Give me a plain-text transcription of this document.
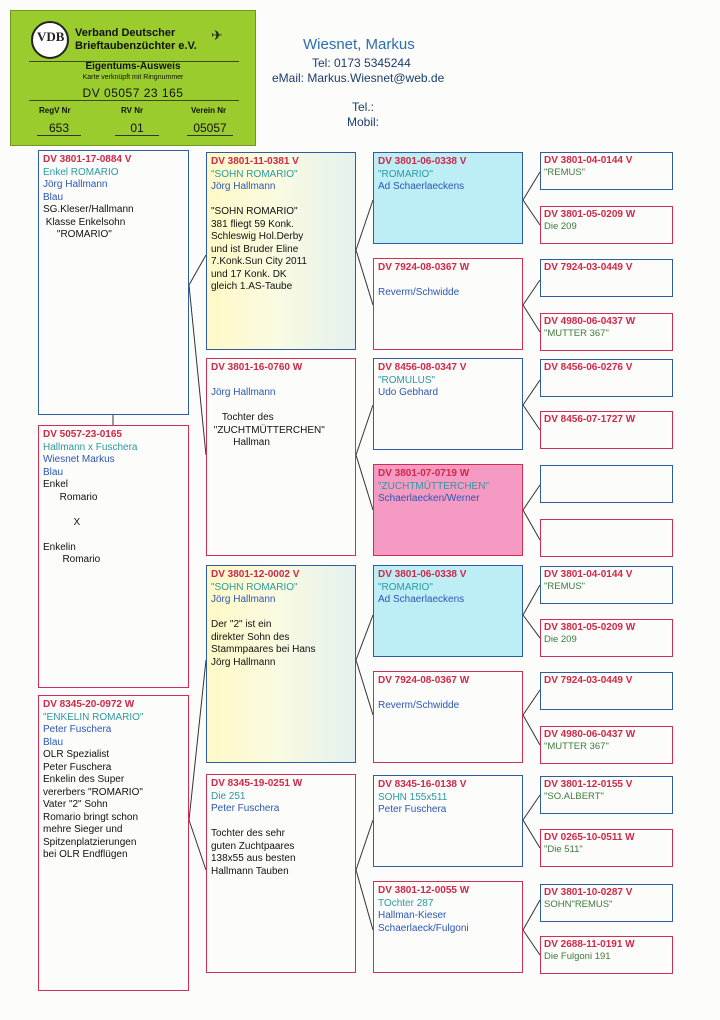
VDB Verband Deutscher
Brieftaubenzüchter e.V.
✈
Eigentums-Ausweis
Karte verknüpft mit Ringnummer
DV 05057 23 165
RegV Nr	RV Nr	Verein Nr
653	01	05057
Wiesnet, Markus
Tel: 0173 5345244
eMail: Markus.Wiesnet@web.de
Tel.:
Mobil:
DV 3801-17-0884 V
Enkel ROMARIO
Jörg Hallmann
Blau
SG.Kleser/Hallmann
Klasse Enkelsohn
"ROMARIO"
DV 5057-23-0165
Hallmann x Fuschera
Wiesnet Markus
Blau
Enkel
Romario

X

Enkelin
Romario
DV 8345-20-0972 W
"ENKELIN ROMARIO"
Peter Fuschera
Blau
OLR Spezialist
Peter Fuschera
Enkelin des Super
vererbers "ROMARIO"
Vater "2" Sohn
Romario bringt schon
mehre Sieger und
Spitzenplatzierungen
bei OLR Endflügen
DV 3801-11-0381 V
"SOHN ROMARIO"
Jörg Hallmann

"SOHN ROMARIO"
381 fliegt 59 Konk.
Schleswig Hol.Derby
und ist Bruder Eline
7.Konk.Sun City 2011
und 17 Konk. DK
gleich 1.AS-Taube
DV 3801-16-0760 W

Jörg Hallmann

Tochter des
"ZUCHTMÜTTERCHEN"
Hallman
DV 3801-12-0002 V
"SOHN ROMARIO"
Jörg Hallmann

Der "2" ist ein
direkter Sohn des
Stammpaares bei Hans
Jörg Hallmann
DV 8345-19-0251 W
Die 251
Peter Fuschera

Tochter des sehr
guten Zuchtpaares
138x55 aus besten
Hallmann Tauben
DV 3801-06-0338 V
"ROMARIO"
Ad Schaerlaeckens
DV 7924-08-0367 W

Reverm/Schwidde
DV 8456-08-0347 V
"ROMULUS"
Udo Gebhard
DV 3801-07-0719 W
"ZUCHTMÜTTERCHEN"
Schaerlaecken/Werner
DV 3801-06-0338 V
"ROMARIO"
Ad Schaerlaeckens
DV 7924-08-0367 W

Reverm/Schwidde
DV 8345-16-0138 V
SOHN 155x511
Peter Fuschera
DV 3801-12-0055 W
TOchter 287
Hallman-Kieser
Schaerlaeck/Fulgoni
DV 3801-04-0144 V
"REMUS"
DV 3801-05-0209 W
Die 209
DV 7924-03-0449 V
DV 4980-06-0437 W
"MUTTER 367"
DV 8456-06-0276 V
DV 8456-07-1727 W
DV 3801-04-0144 V
"REMUS"
DV 3801-05-0209 W
Die 209
DV 7924-03-0449 V
DV 4980-06-0437 W
"MUTTER 367"
DV 3801-12-0155 V
"SO.ALBERT"
DV 0265-10-0511 W
"Die 511"
DV 3801-10-0287 V
SOHN"REMUS"
DV 2688-11-0191 W
Die Fulgoni 191
